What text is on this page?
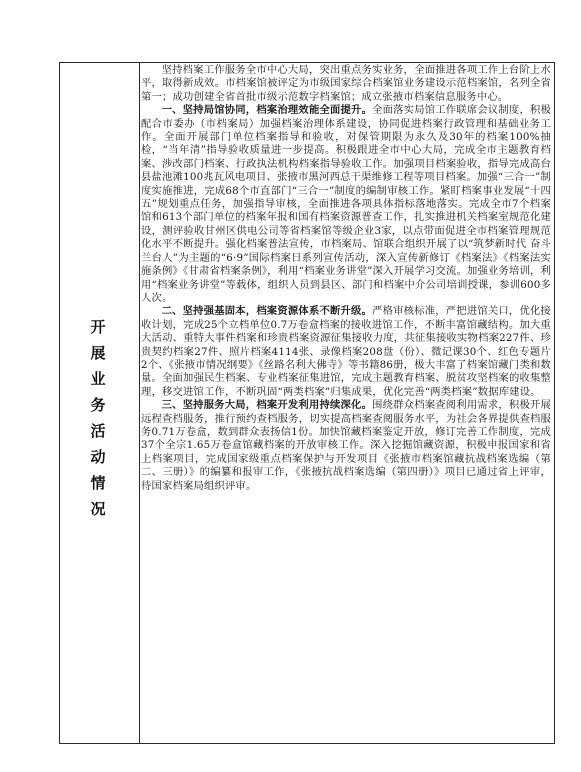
开展业务活动情况

坚持档案工作服务全市中心大局，突出重点务实业务，全面推进各项工作上台阶上水平，取得新成效。市档案馆被评定为市级国家综合档案馆业务建设示范档案馆，名列全省第一；成功创建全省首批市级示范数字档案馆；成立张掖市档案信息服务中心。

一、坚持局馆协同，档案治理效能全面提升。全面落实局馆工作联席会议制度，积极配合市委办（市档案局）加强档案治理体系建设，协同促进档案行政管理和基础业务工作。全面开展部门单位档案指导和验收，对保管期限为永久及30年的档案100%抽检，“当年清”指导验收质量进一步提高。积极跟进全市中心大局，完成全市主题教育档案、涉改部门档案、行政执法机构档案指导验收工作。加强项目档案验收，指导完成高台县盐池滩100兆瓦风电项目、张掖市黑河西总干渠维修工程等项目档案。加强“三合一”制度实施推进，完成68个市直部门“三合一”制度的编制审核工作。紧盯档案事业发展“十四五”规划重点任务，加强指导审核，全面推进各项具体指标落地落实。完成全市7个档案馆和613个部门单位的档案年报和国有档案资源普查工作，扎实推进机关档案室规范化建设，测评验收甘州区供电公司等省档案馆等级企业3家，以点带面促进全市档案管理规范化水平不断提升。强化档案普法宣传，市档案局、馆联合组织开展了以“筑梦新时代 奋斗兰台人”为主题的“6·9”国际档案日系列宣传活动，深入宣传新修订《档案法》《档案法实施条例》《甘肃省档案条例》，利用“档案业务讲堂”深入开展学习交流。加强业务培训，利用“档案业务讲堂”等载体，组织人员到县区、部门和档案中介公司培训授课，参训600多人次。

二、坚持强基固本，档案资源体系不断升级。严格审核标准，严把进馆关口，优化接收计划，完成25个立档单位0.7万卷盒档案的接收进馆工作，不断丰富馆藏结构。加大重大活动、重特大事件档案和珍贵档案资源征集接收力度，共征集接收实物档案227件、珍贵契约档案27件、照片档案4114张、录像档案208盘（份）、微记课30个、红色专题片2个、《张掖市情况纲要》《丝路名利大佛寺》等书籍86册，极大丰富了档案馆藏门类和数量。全面加强民生档案、专业档案征集进馆，完成主题教育档案、脱贫攻坚档案的收集整理，移交进馆工作，不断巩固“两类档案”归集成果，优化完善“两类档案”数据库建设。

三、坚持服务大局，档案开发利用持续深化。围绕群众档案查阅利用需求，积极开展远程查档服务，推行预约查档服务，切实提高档案查阅服务水平，为社会各界提供查档服务0.71万卷盒，数到群众表扬信1份。加快馆藏档案鉴定开放，修订完善工作制度，完成37个全宗1.65万卷盒馆藏档案的开放审核工作。深入挖掘馆藏资源，积极申报国家和省上档案项目，完成国家级重点档案保护与开发项目《张掖市档案馆藏抗战档案选编（第二、三册）》的编纂和报审工作，《张掖抗战档案选编（第四册）》项目已通过省上评审，待国家档案局组织评审。
